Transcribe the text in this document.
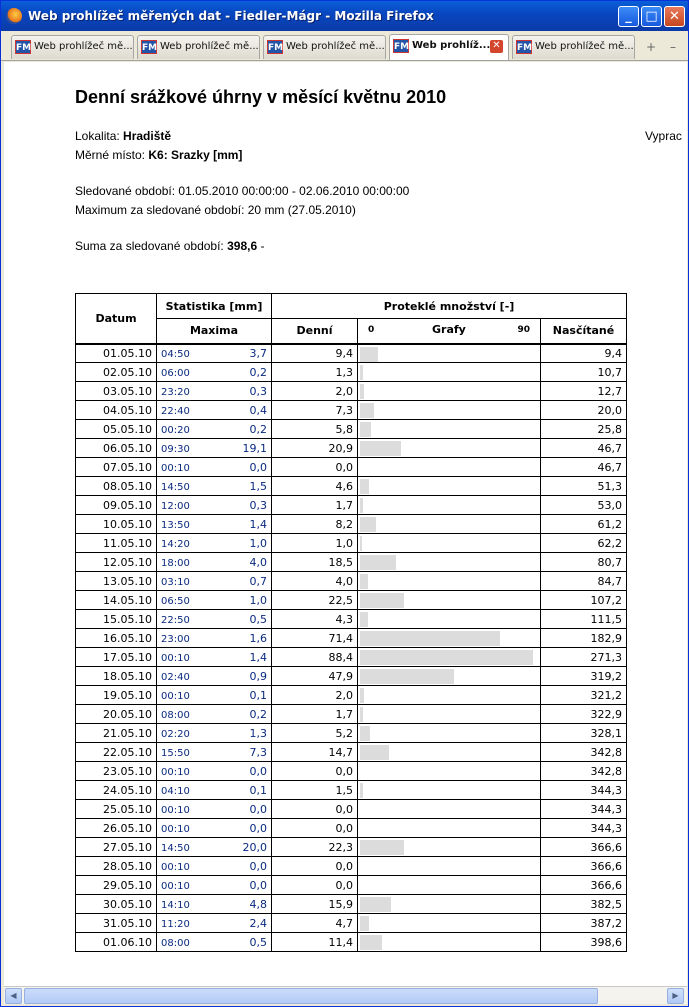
Web prohlížeč měřených dat - Fiedler-Mágr - Mozilla Firefox	_	□ ✕
FM Web prohlížeč mě... FM Web prohlížeč mě... FM Web prohlížeč mě... FM Web prohlíž... ✕ FM Web prohlížeč mě...	+	–
Denní srážkové úhrny v měsící květnu 2010
Vyprac
Lokalita: Hradiště
Měrné místo: K6: Srazky [mm]
Sledované období: 01.05.2010 00:00:00 - 02.06.2010 00:00:00
Maximum za sledované období: 20 mm (27.05.2010)
Suma za sledované období: 398,6 -
Datum	Statistika [mm]	Proteklé množství [-]		
	Maxima	Denní	0 Grafy 90	Nasčítané
01.05.10	04:50 3,7	9,4		9,4
02.05.10	06:00 0,2	1,3		10,7
03.05.10	23:20 0,3	2,0		12,7
04.05.10	22:40 0,4	7,3		20,0
05.05.10	00:20 0,2	5,8		25,8
06.05.10	09:30 19,1	20,9		46,7
07.05.10	00:10 0,0	0,0		46,7
08.05.10	14:50 1,5	4,6		51,3
09.05.10	12:00 0,3	1,7		53,0
10.05.10	13:50 1,4	8,2		61,2
11.05.10	14:20 1,0	1,0		62,2
12.05.10	18:00 4,0	18,5		80,7
13.05.10	03:10 0,7	4,0		84,7
14.05.10	06:50 1,0	22,5		107,2
15.05.10	22:50 0,5	4,3		111,5
16.05.10	23:00 1,6	71,4		182,9
17.05.10	00:10 1,4	88,4		271,3
18.05.10	02:40 0,9	47,9		319,2
19.05.10	00:10 0,1	2,0		321,2
20.05.10	08:00 0,2	1,7		322,9
21.05.10	02:20 1,3	5,2		328,1
22.05.10	15:50 7,3	14,7		342,8
23.05.10	00:10 0,0	0,0		342,8
24.05.10	04:10 0,1	1,5		344,3
25.05.10	00:10 0,0	0,0		344,3
26.05.10	00:10 0,0	0,0		344,3
27.05.10	14:50 20,0	22,3		366,6
28.05.10	00:10 0,0	0,0		366,6
29.05.10	00:10 0,0	0,0		366,6
30.05.10	14:10 4,8	15,9		382,5
31.05.10	11:20 2,4	4,7		387,2
01.06.10	08:00 0,5	11,4		398,6
◀	▶
